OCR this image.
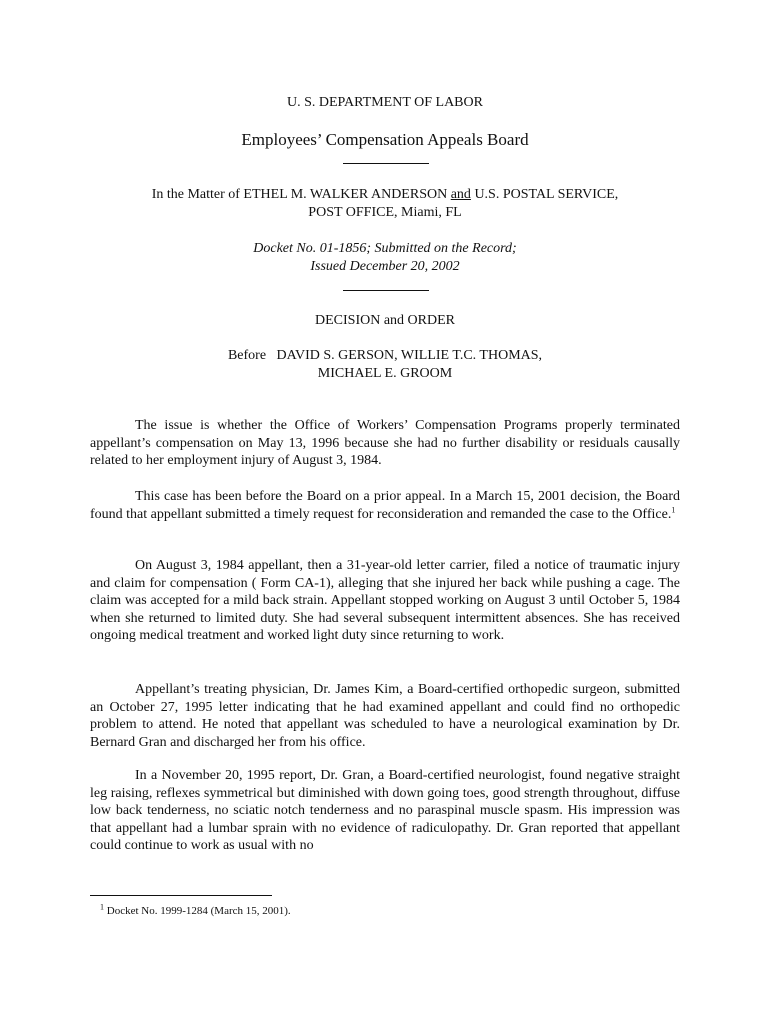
U. S. DEPARTMENT OF LABOR
Employees’ Compensation Appeals Board
In the Matter of ETHEL M. WALKER ANDERSON and U.S. POSTAL SERVICE,
POST OFFICE, Miami, FL
Docket No. 01-1856; Submitted on the Record;
Issued December 20, 2002
DECISION and ORDER
Before DAVID S. GERSON, WILLIE T.C. THOMAS,
MICHAEL E. GROOM
The issue is whether the Office of Workers’ Compensation Programs properly terminated appellant’s compensation on May 13, 1996 because she had no further disability or residuals causally related to her employment injury of August 3, 1984.
This case has been before the Board on a prior appeal. In a March 15, 2001 decision, the Board found that appellant submitted a timely request for reconsideration and remanded the case to the Office.$^1$
On August 3, 1984 appellant, then a 31-year-old letter carrier, filed a notice of traumatic injury and claim for compensation ( Form CA-1), alleging that she injured her back while pushing a cage. The claim was accepted for a mild back strain. Appellant stopped working on August 3 until October 5, 1984 when she returned to limited duty. She had several subsequent intermittent absences. She has received ongoing medical treatment and worked light duty since returning to work.
Appellant’s treating physician, Dr. James Kim, a Board-certified orthopedic surgeon, submitted an October 27, 1995 letter indicating that he had examined appellant and could find no orthopedic problem to attend. He noted that appellant was scheduled to have a neurological examination by Dr. Bernard Gran and discharged her from his office.
In a November 20, 1995 report, Dr. Gran, a Board-certified neurologist, found negative straight leg raising, reflexes symmetrical but diminished with down going toes, good strength throughout, diffuse low back tenderness, no sciatic notch tenderness and no paraspinal muscle spasm. His impression was that appellant had a lumbar sprain with no evidence of radiculopathy. Dr. Gran reported that appellant could continue to work as usual with no
$^1$ Docket No. 1999-1284 (March 15, 2001).
